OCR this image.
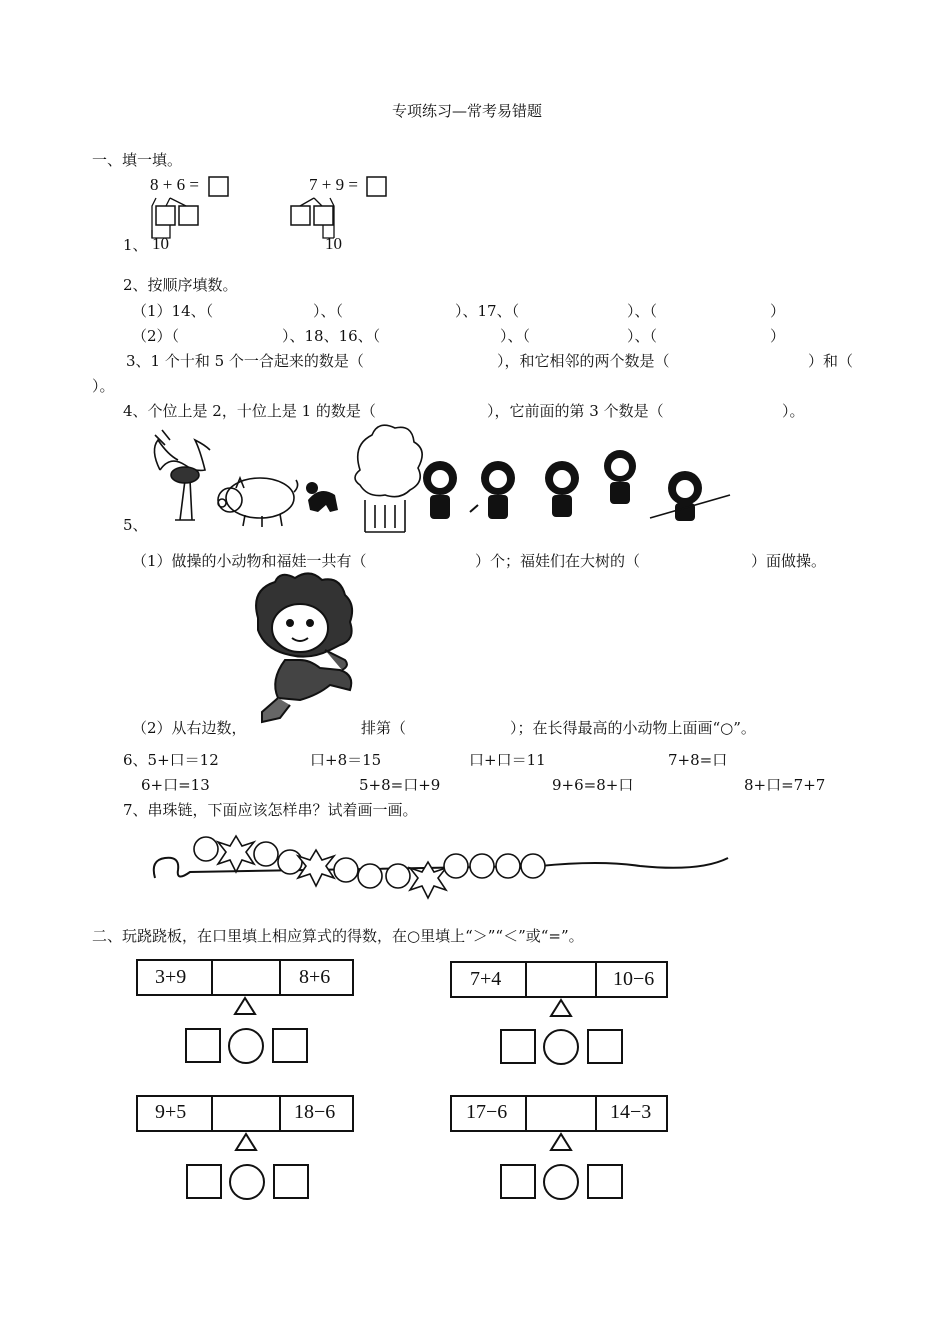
专项练习—常考易错题
一、填一填。
8 + 6 =
10
7 + 9 =
10
1、
2、按顺序填数。
（1）14、（	）、（	）、17、（	）、（	）
（2）（	）、18、16、（	）、（	）、（	）
3、1 个十和 5 个一合起来的数是（	），和它相邻的两个数是（	）和（
）。
4、个位上是 2，十位上是 1 的数是（	），它前面的第 3 个数是（	）。
5、
（1）做操的小动物和福娃一共有（	）个；福娃们在大树的（	）面做操。
（2）从右边数，	排第（	）；在长得最高的小动物上面画“○”。
6、5+口＝12	口+8＝15	口+口＝11	7+8=口
6+口=13	5+8=口+9	9+6=8+口	8+口=7+7
7、串珠链，下面应该怎样串？试着画一画。
二、玩跷跷板，在口里填上相应算式的得数，在○里填上“＞”“＜”或“=”。
3+9	8+6	7+4	10−6
9+5	18−6	17−6	14−3
